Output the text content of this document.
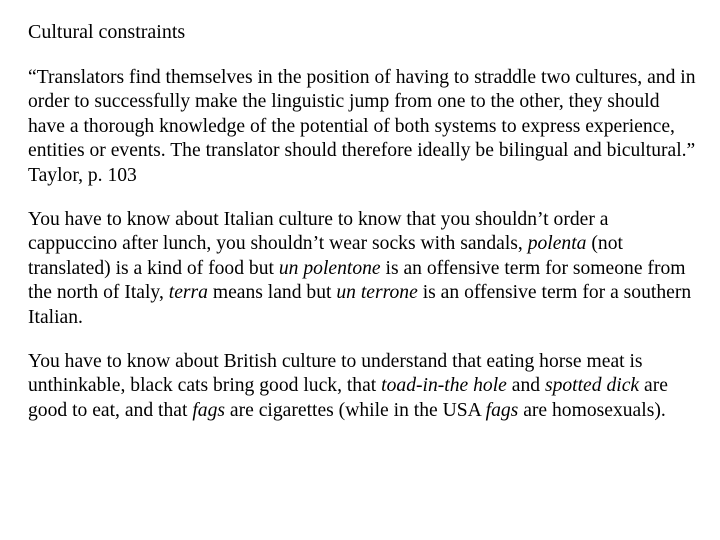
Cultural constraints

“Translators find themselves in the position of having to straddle two cultures, and in order to successfully make the linguistic jump from one to the other, they should have a thorough knowledge of the potential of both systems to express experience, entities or events. The translator should therefore ideally be bilingual and bicultural.” Taylor, p. 103

You have to know about Italian culture to know that you shouldn’t order a cappuccino after lunch, you shouldn’t wear socks with sandals, polenta (not translated) is a kind of food but un polentone is an offensive term for someone from the north of Italy, terra means land but un terrone is an offensive term for a southern Italian.

You have to know about British culture to understand that eating horse meat is unthinkable, black cats bring good luck, that toad-in-the hole and spotted dick are good to eat, and that fags are cigarettes (while in the USA fags are homosexuals).
